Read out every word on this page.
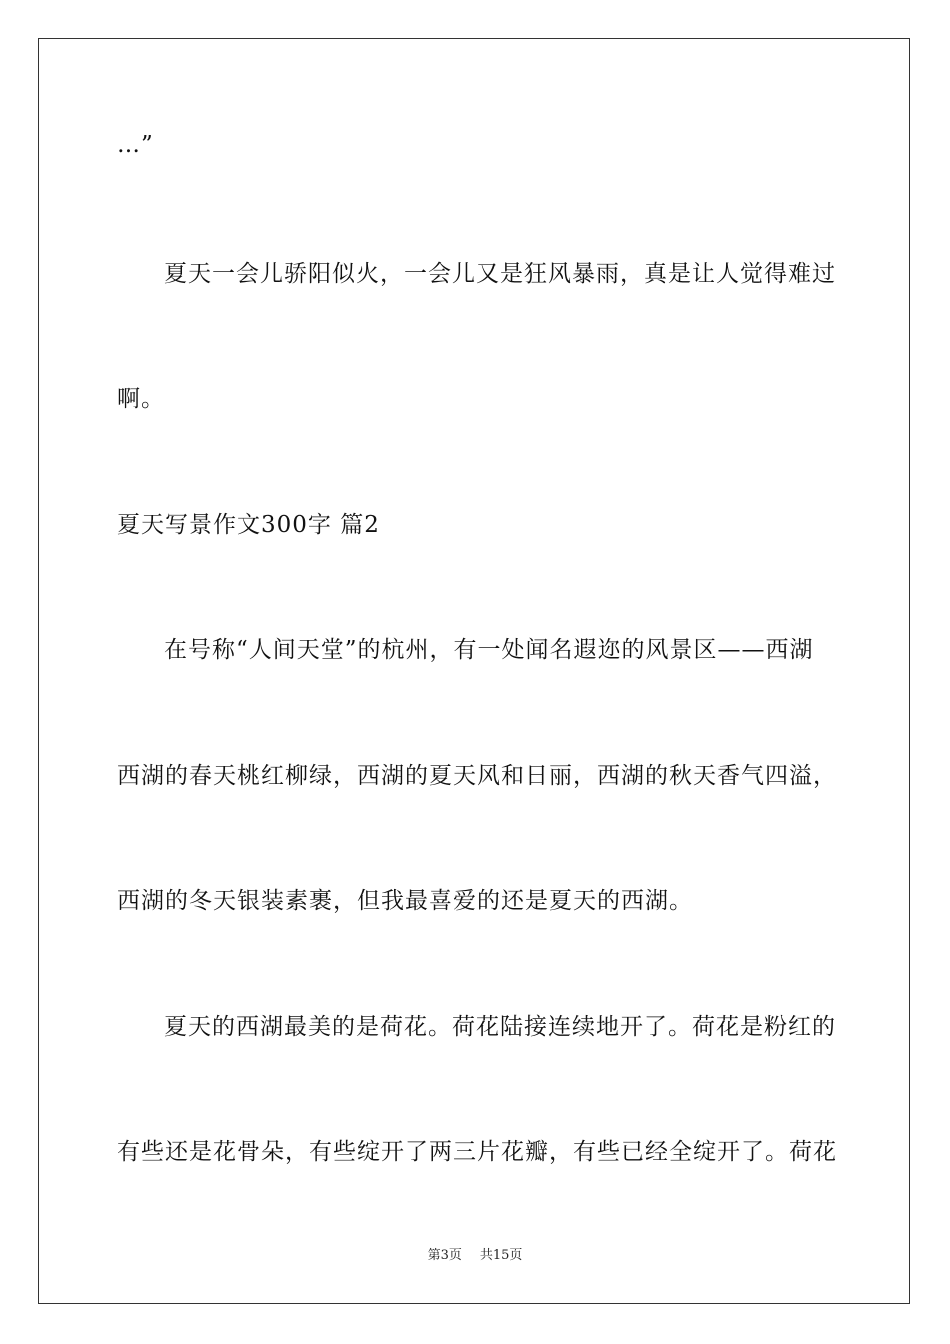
…”
夏天一会儿骄阳似火，一会儿又是狂风暴雨，真是让人觉得难过
啊。
夏天写景作文300字 篇2
在号称“人间天堂”的杭州，有一处闻名遐迩的风景区——西湖
西湖的春天桃红柳绿，西湖的夏天风和日丽，西湖的秋天香气四溢，
西湖的冬天银装素裹，但我最喜爱的还是夏天的西湖。
夏天的西湖最美的是荷花。荷花陆接连续地开了。荷花是粉红的
有些还是花骨朵，有些绽开了两三片花瓣，有些已经全绽开了。荷花
第3页 共15页
